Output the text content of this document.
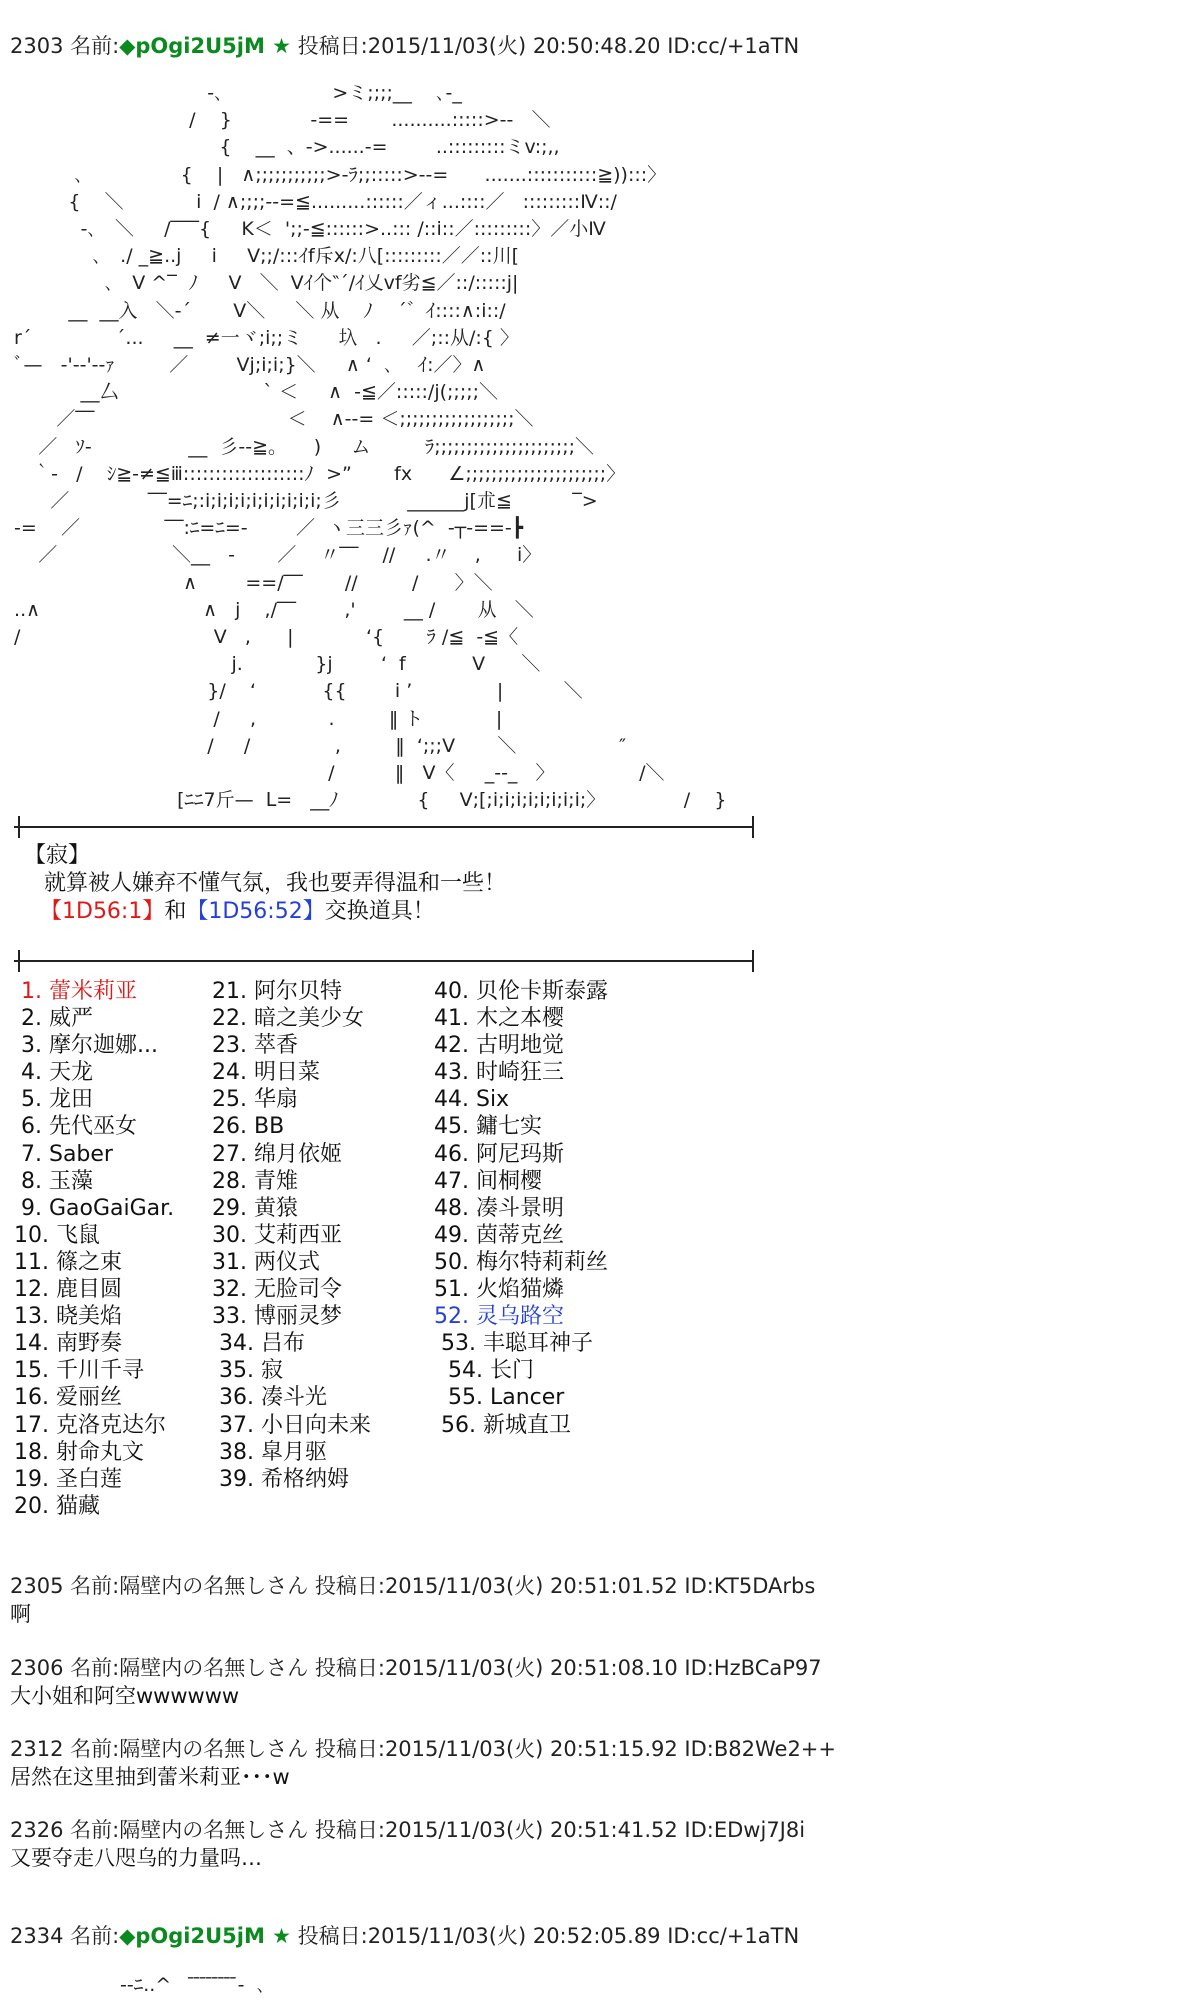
2303 名前:◆pOgi2U5jM ★ 投稿日:2015/11/03(火) 20:50:48.20 ID:cc/+1aTN
‐､                  >ミ;;;;__    ､-_
/    }             ‐==       ..........:::::>-‐   ＼
{    __  、‐>......-=        ..:::::::::ミv:;,,
､                {    |   ∧;;;;;;;;;;;>‐ﾗ;;:::::>-‐=      .......:::::::::::≧)):::〉
{    ＼            i  / ∧;;;;-‐=≦.........::::::／ィ...::::／   :::::::::Ⅳ::/
‐､   ＼     /‾‾‾{     K＜  ';;-≦::::::>..::: /::i::／:::::::::〉／小Ⅳ
､   ./ _≧..j     i     V;;/:::ｲf斥x/:八[:::::::::／／::川[
､   V ^‾  ﾉ     V   ＼  Vｲ个‶´/ｲ乂vf劣≦／::/:::::j|
__  __入   ＼-´       V＼     ＼ 从    ﾉ    ´゛ｲ::::∧:i::/
r´              ´...     __  ≠一ヾ;i;;ミ      圦   .     ／;::从/:{ 〉
ﾞ—   ‐'‐‐'‐‐ｧ         ／        Vj;i;i;}＼     ∧ ‘  ､    ｲ:／〉∧
__厶                        ` ＜     ∧  ‐≦／:::::/j(;;;;;＼
／‾‾                                ＜    ∧‐‐= ＜;;;;;;;;;;;;;;;;;;＼
／   ｿ‐                __  彡‐‐≧｡      )     ム         ﾗ;;;;;;;;;;;;;;;;;;;;;;＼
｀‐   /    ｼ≧‐≠≦ⅲ:::::::::::::::::::ﾉ  >”       fx      ∠;;;;;;;;;;;;;;;;;;;;;;〉
／             ‾‾=ﾆ;:i;i;i;i;i;i;i;i;i;i;彡           ______j[朮≦          ‾>
‐=    ／              ‾‾:ﾆ=ﾆ=‐        ／  ヽ三三彡ｧ(^  ‐┬‐==‐┣
／                   ＼__   -       ／    〃‾‾    //     .〃    ,      i〉
∧        ==/‾‾       //         /      〉＼
..∧                           ∧   j    ,/‾‾        ,'        __ /       从   ＼
/                                V   ,      |            ‘{       ﾗ /≦  ‐≦〈
j.            }j        ‘  f           V      ＼
}/    ‘           {{        i ’              |          ＼
/     ,            .         ‖ ト            |
/     /              ,         ‖  ‘;;;V       ＼                 ″
/          ‖   V〈     _-‐_   〉              /＼
[ﾆﾆ7斤—  ᒪ=   __ﾉ             {     V;[;i;i;i;i;i;i;i;i;〉             /    }
【寂】
就算被人嫌弃不懂气氛，我也要弄得温和一些！
【1D56:1】和【1D56:52】交换道具！
1. 蕾米莉亚
2. 威严
3. 摩尔迦娜...
4. 天龙
5. 龙田
6. 先代巫女
7. Saber
8. 玉藻
9. GaoGaiGar.
10. 飞鼠
11. 篠之束
12. 鹿目圆
13. 晓美焰
14. 南野奏
15. 千川千寻
16. 爱丽丝
17. 克洛克达尔
18. 射命丸文
19. 圣白莲
20. 猫藏
21. 阿尔贝特
22. 暗之美少女
23. 萃香
24. 明日菜
25. 华扇
26. BB
27. 绵月依姬
28. 青雉
29. 黄猿
30. 艾莉西亚
31. 两仪式
32. 无脸司令
33. 博丽灵梦
34. 吕布
35. 寂
36. 凑斗光
37. 小日向未来
38. 皐月驱
39. 希格纳姆
40. 贝伦卡斯泰露
41. 木之本樱
42. 古明地觉
43. 时崎狂三
44. Six
45. 鏞七实
46. 阿尼玛斯
47. 间桐樱
48. 凑斗景明
49. 茵蒂克丝
50. 梅尔特莉莉丝
51. 火焰猫燐
52. 灵乌路空
53. 丰聪耳神子
54. 长门
55. Lancer
56. 新城直卫
2305 名前:隔壁内の名無しさん 投稿日:2015/11/03(火) 20:51:01.52 ID:KT5DArbs
啊
2306 名前:隔壁内の名無しさん 投稿日:2015/11/03(火) 20:51:08.10 ID:HzBCaP97
大小姐和阿空wwwwww
2312 名前:隔壁内の名無しさん 投稿日:2015/11/03(火) 20:51:15.92 ID:B82We2++
居然在这里抽到蕾米莉亚･･･w
2326 名前:隔壁内の名無しさん 投稿日:2015/11/03(火) 20:51:41.52 ID:EDwj7J8i
又要夺走八咫乌的力量吗…
2334 名前:◆pOgi2U5jM ★ 投稿日:2015/11/03(火) 20:52:05.89 ID:cc/+1aTN
-‐ﾆ..^    ̄ ̄ ̄ ̄ ̄ ̄ ̄ ̄‐  ､
